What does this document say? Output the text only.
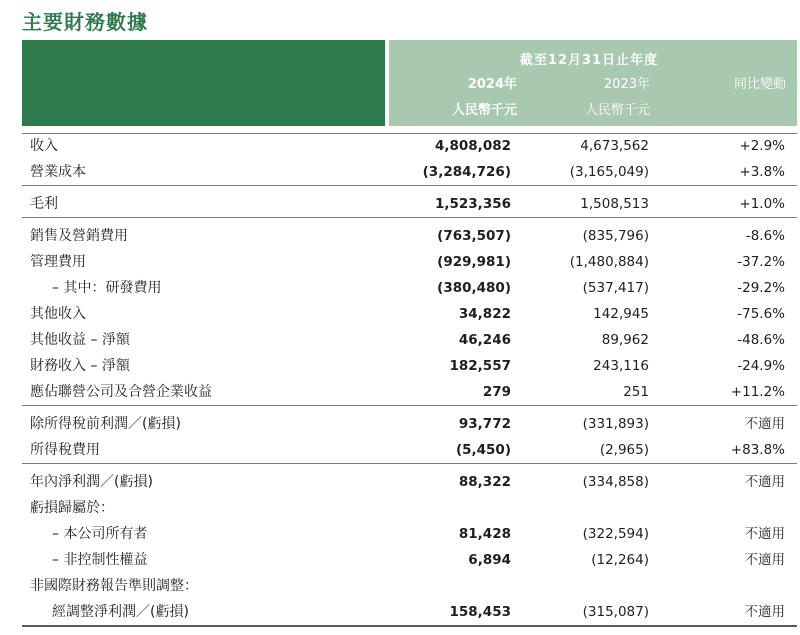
主要財務數據
截至12月31日止年度
2024年	2023年	同比變動
人民幣千元	人民幣千元
收入	4,808,082	4,673,562	+2.9%
營業成本	(3,284,726)	(3,165,049)	+3.8%
毛利	1,523,356	1,508,513	+1.0%
銷售及營銷費用	(763,507)	(835,796)	-8.6%
管理費用	(929,981)	(1,480,884)	-37.2%
– 其中：研發費用	(380,480)	(537,417)	-29.2%
其他收入	34,822	142,945	-75.6%
其他收益 – 淨額	46,246	89,962	-48.6%
財務收入 – 淨額	182,557	243,116	-24.9%
應佔聯營公司及合營企業收益	279	251	+11.2%
除所得稅前利潤／(虧損)	93,772	(331,893)	不適用
所得稅費用	(5,450)	(2,965)	+83.8%
年內淨利潤／(虧損)	88,322	(334,858)	不適用
虧損歸屬於：
– 本公司所有者	81,428	(322,594)	不適用
– 非控制性權益	6,894	(12,264)	不適用
非國際財務報告準則調整：
經調整淨利潤／(虧損)	158,453	(315,087)	不適用
